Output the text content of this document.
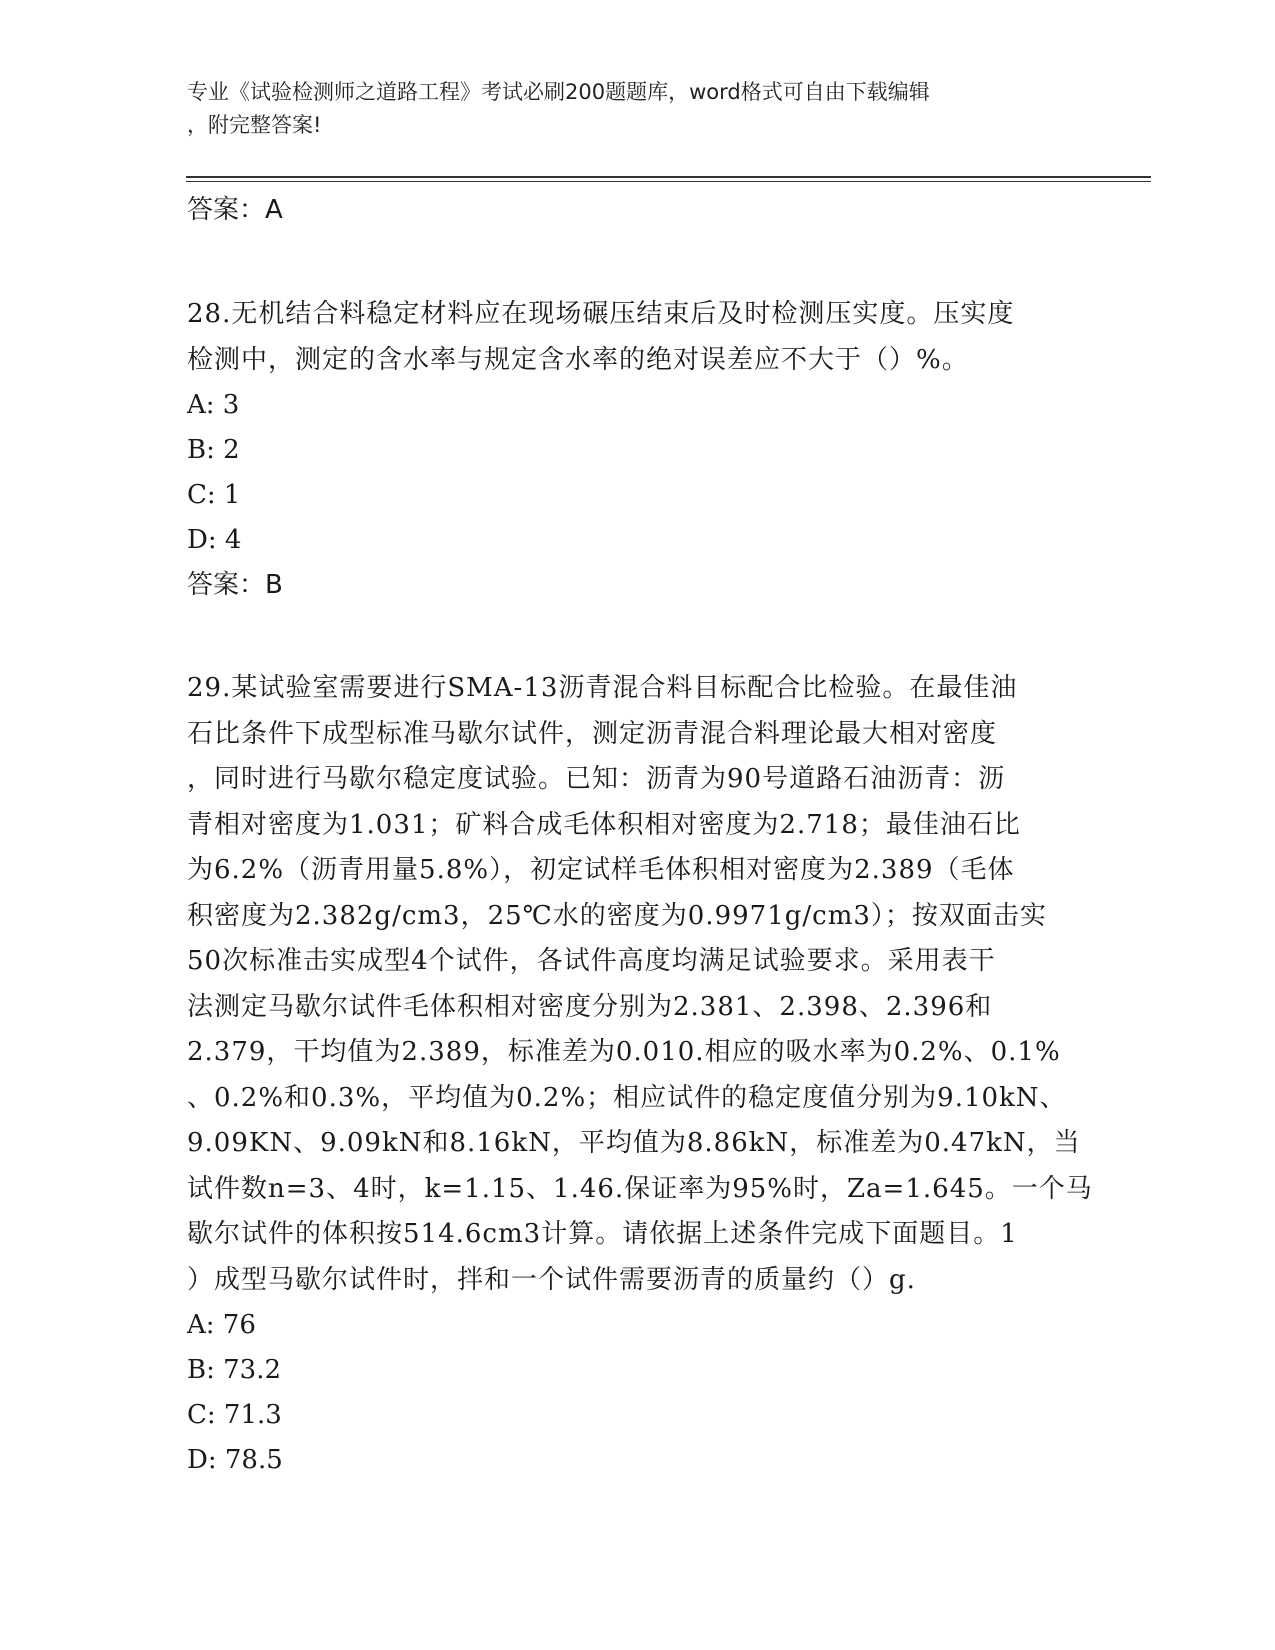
专业《试验检测师之道路工程》考试必刷200题题库，word格式可自由下载编辑
，附完整答案!
答案：A
28.无机结合料稳定材料应在现场碾压结束后及时检测压实度。压实度
检测中，测定的含水率与规定含水率的绝对误差应不大于（）%。
A: 3
B: 2
C: 1
D: 4
答案：B
29.某试验室需要进行SMA-13沥青混合料目标配合比检验。在最佳油
石比条件下成型标准马歇尔试件，测定沥青混合料理论最大相对密度
，同时进行马歇尔稳定度试验。已知：沥青为90号道路石油沥青：沥
青相对密度为1.031；矿料合成毛体积相对密度为2.718；最佳油石比
为6.2%（沥青用量5.8%），初定试样毛体积相对密度为2.389（毛体
积密度为2.382g/cm3，25℃水的密度为0.9971g/cm3）；按双面击实
50次标准击实成型4个试件，各试件高度均满足试验要求。采用表干
法测定马歇尔试件毛体积相对密度分别为2.381、2.398、2.396和
2.379，干均值为2.389，标准差为0.010.相应的吸水率为0.2%、0.1%
、0.2%和0.3%，平均值为0.2%；相应试件的稳定度值分别为9.10kN、
9.09KN、9.09kN和8.16kN，平均值为8.86kN，标准差为0.47kN，当
试件数n=3、4时，k=1.15、1.46.保证率为95%时，Za=1.645。一个马
歇尔试件的体积按514.6cm3计算。请依据上述条件完成下面题目。1
）成型马歇尔试件时，拌和一个试件需要沥青的质量约（）g.
A: 76
B: 73.2
C: 71.3
D: 78.5
